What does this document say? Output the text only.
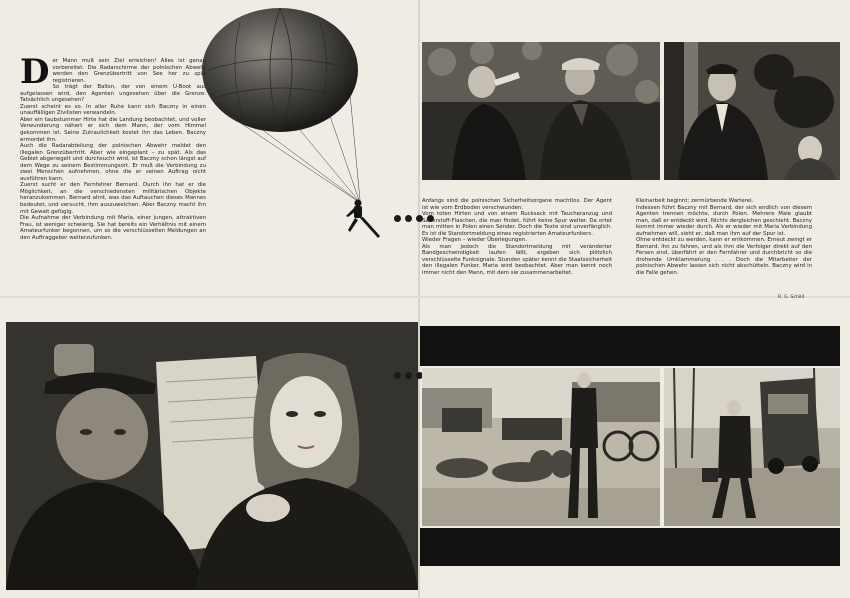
D er Mann muß sein Ziel erreichen! Alles ist genau vorbereitet. Die Radarschirme der polnischen Abwehr werden den Grenzübertritt von See her zu spät registrieren.

So trägt der Ballon, der von einem U-Boot aus aufgelassen wird, den Agenten ungesehen über die Grenze. Tatsächlich ungesehen?

Zuerst scheint es so. In aller Ruhe kann sich Baczny in einen unauffälligen Zivilisten verwandeln.

Aber ein taubstummer Hirte hat die Landung beobachtet, und voller Verwunderung nähert er sich dem Mann, der vom Himmel gekommen ist. Seine Zutraulichkeit kostet ihn das Leben. Baczny ermordet ihn.

Auch die Radarabteilung der polnischen Abwehr meldet den illegalen Grenzübertritt. Aber wie eingeplant – zu spät. Als das Gebiet abgeriegelt und durchsucht wird, ist Baczny schon längst auf dem Wege zu seinem Bestimmungsort. Er muß die Verbindung zu zwei Menschen aufnehmen, ohne die er seinen Auftrag nicht ausführen kann.

Zuerst sucht er den Fernfahrer Bernard. Durch ihn hat er die Möglichkeit, an die verschiedensten militärischen Objekte heranzukommen. Bernard ahnt, was das Auftauchen dieses Mannes bedeutet, und versucht, ihm auszuweichen. Aber Baczny macht ihn mit Gewalt gefügig.

Die Aufnahme der Verbindung mit Maria, einer jungen, attraktiven Frau, ist weniger schwierig. Sie hat bereits ein Verhältnis mit einem Amateurfunker begonnen, um so die verschlüsselten Meldungen an den Auftraggeber weiterzufunken.

Anfangs sind die polnischen Sicherheitsorgane machtlos. Der Agent ist wie vom Erdboden verschwunden.

Vom toten Hirten und von einem Rucksack mit Taucheranzug und Sauerstoff-Flaschen, die man findet, führt keine Spur weiter. Da ortet man mitten in Polen einen Sender. Doch die Texte sind unverfänglich. Es ist die Standortmeldung eines registrierten Amateurfunkers.

Wieder Fragen – wieder Überlegungen.

Als man jedoch die Standortmeldung mit veränderter Bandgeschwindigkeit laufen läßt, ergeben sich plötzlich verschlüsselte Funksignale. Stunden später kennt die Staatssicherheit den illegalen Funker. Maria wird beobachtet. Aber man kennt noch immer nicht den Mann, mit dem sie zusammenarbeitet.

Kleinarbeit beginnt; zermürbende Warterei.

Indessen führt Baczny mit Bernard, der sich endlich von diesem Agenten trennen möchte, durch Polen. Mehrere Male glaubt man, daß er entdeckt wird. Nichts dergleichen geschieht. Baczny kommt immer wieder durch. Als er wieder mit Maria Verbindung aufnehmen will, sieht er, daß man ihm auf der Spur ist.

Ohne entdeckt zu werden, kann er entkommen. Erneut zwingt er Bernard, ihn zu fahren, und als ihm die Verfolger direkt auf den Fersen sind, überfährt er den Fernfahrer und durchbricht so die drohende Umklammerung . . . Doch die Mitarbeiter der polnischen Abwehr lassen sich nicht abschütteln. Baczny wird in die Falle gehen.

R. G. Schild
